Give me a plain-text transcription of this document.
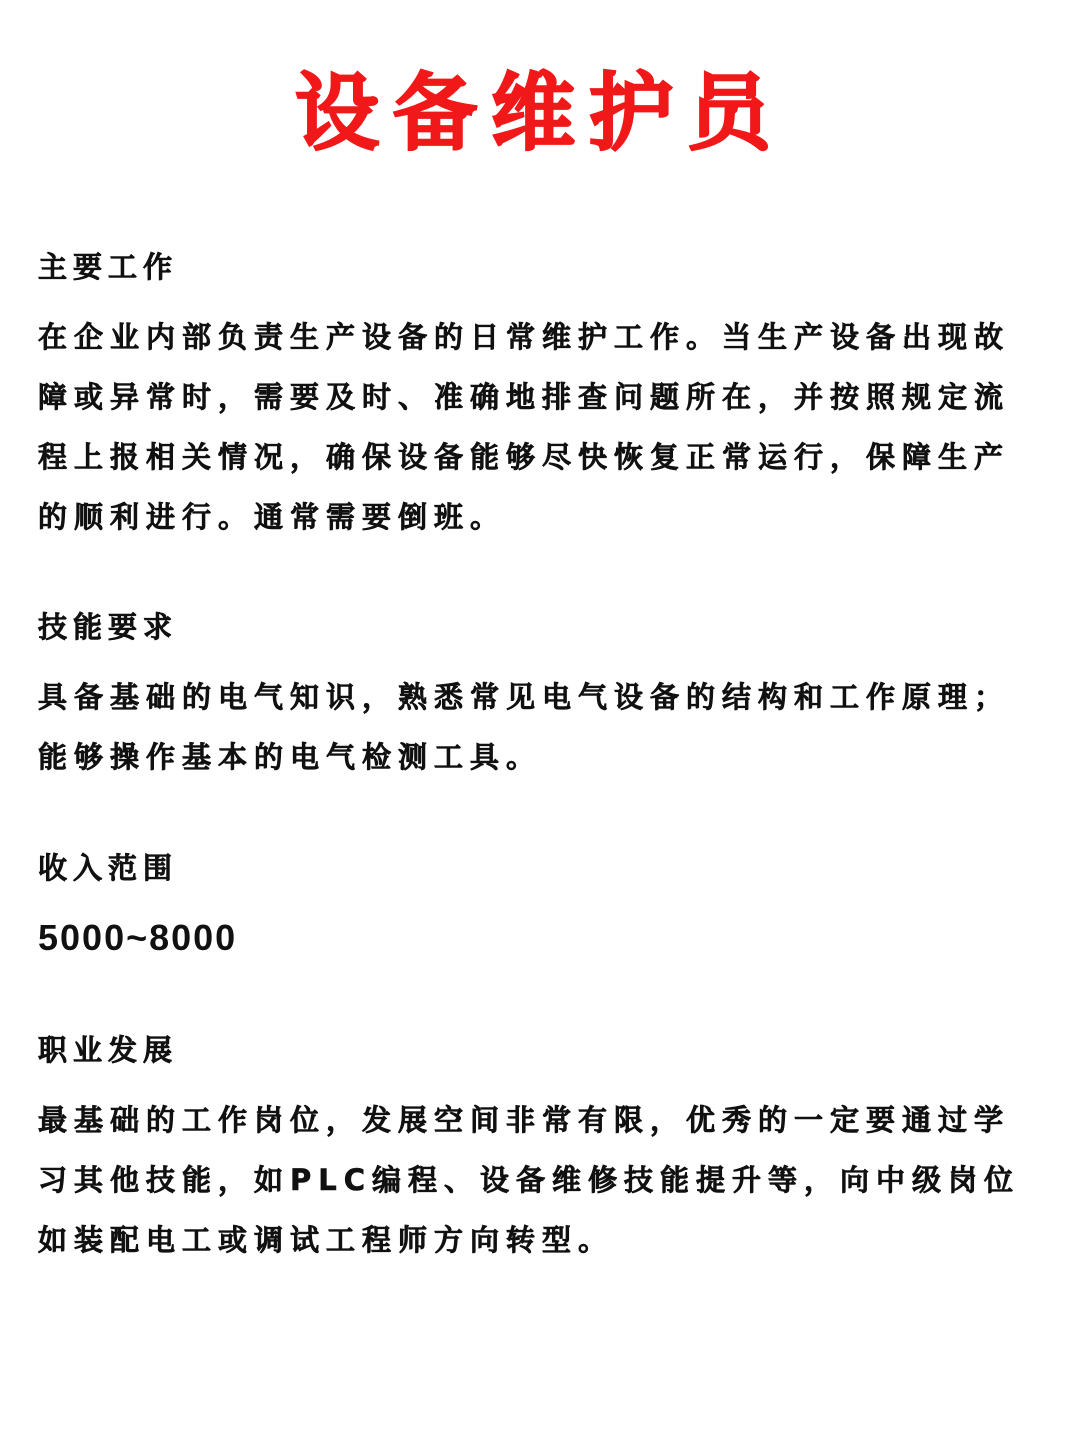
设备维护员
主要工作

在企业内部负责生产设备的日常维护工作。当生产设备出现故障或异常时，需要及时、准确地排查问题所在，并按照规定流程上报相关情况，确保设备能够尽快恢复正常运行，保障生产的顺利进行。通常需要倒班。

技能要求

具备基础的电气知识，熟悉常见电气设备的结构和工作原理；能够操作基本的电气检测工具。

收入范围

5000~8000

职业发展

最基础的工作岗位，发展空间非常有限，优秀的一定要通过学习其他技能，如PLC编程、设备维修技能提升等，向中级岗位如装配电工或调试工程师方向转型。
